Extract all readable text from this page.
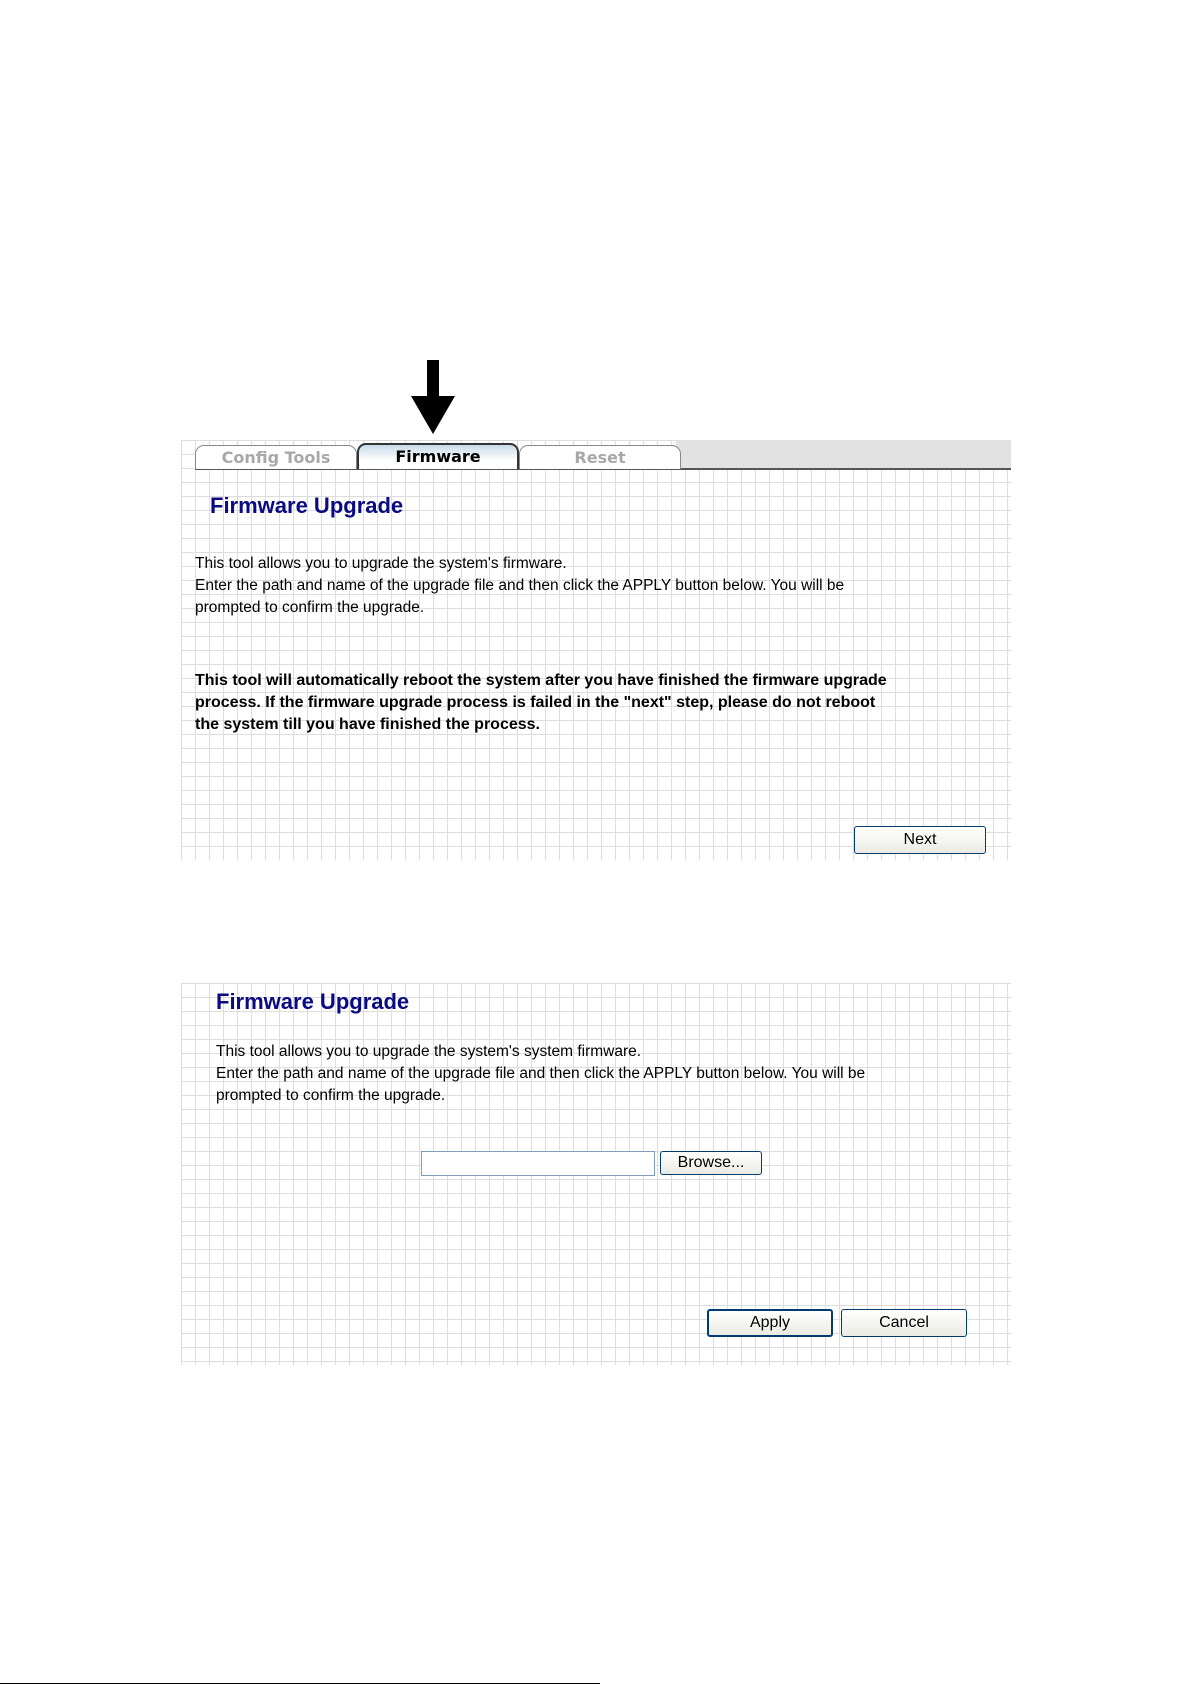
Config Tools	Firmware	Reset
Firmware Upgrade
This tool allows you to upgrade the system's firmware.
Enter the path and name of the upgrade file and then click the APPLY button below. You will be
prompted to confirm the upgrade.
This tool will automatically reboot the system after you have finished the firmware upgrade
process. If the firmware upgrade process is failed in the "next" step, please do not reboot
the system till you have finished the process.
Next
Firmware Upgrade
This tool allows you to upgrade the system's system firmware.
Enter the path and name of the upgrade file and then click the APPLY button below. You will be
prompted to confirm the upgrade.
Browse...
Apply	Cancel
